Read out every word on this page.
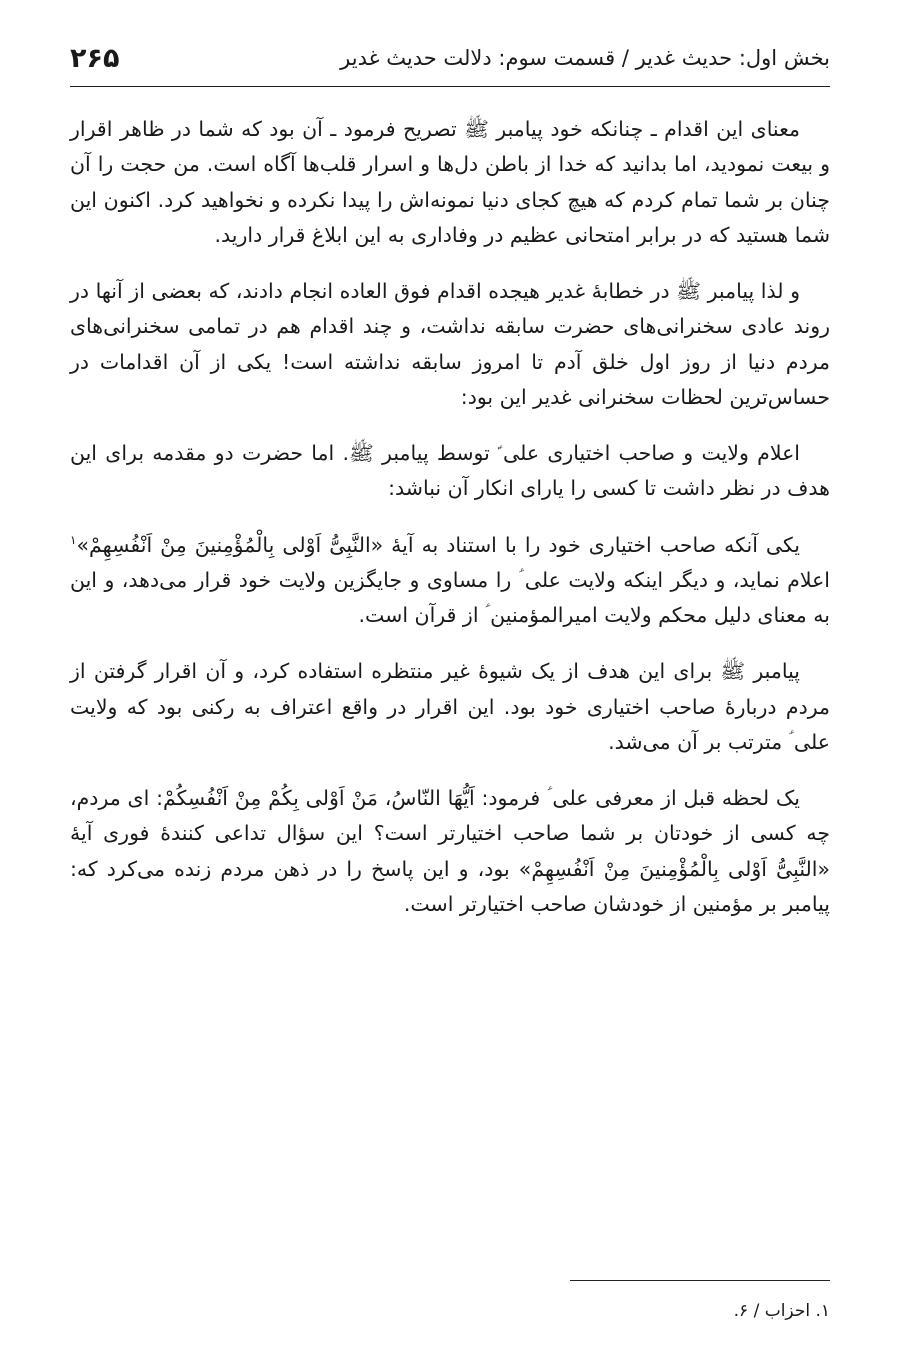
بخش اول: حدیث غدیر / قسمت سوم: دلالت حدیث غدیر
۲۶۵

معنای این اقدام ـ چنانکه خود پیامبر ﷺ تصریح فرمود ـ آن بود که شما در ظاهر اقرار و بیعت نمودید، اما بدانید که خدا از باطن دل‌ها و اسرار قلب‌ها آگاه است. من حجت را آن چنان بر شما تمام کردم که هیچ کجای دنیا نمونه‌اش را پیدا نکرده و نخواهید کرد. اکنون این شما هستید که در برابر امتحانی عظیم در وفاداری به این ابلاغ قرار دارید.

و لذا پیامبر ﷺ در خطابهٔ غدیر هیجده اقدام فوق العاده انجام دادند، که بعضی از آنها در روند عادی سخنرانی‌های حضرت سابقه نداشت، و چند اقدام هم در تمامی سخنرانی‌های مردم دنیا از روز اول خلق آدم تا امروز سابقه نداشته است! یکی از آن اقدامات در حساس‌ترین لحظات سخنرانی غدیر این بود:

اعلام ولایت و صاحب اختیاری علی ؑ توسط پیامبر ﷺ. اما حضرت دو مقدمه برای این هدف در نظر داشت تا کسی را یارای انکار آن نباشد:

یکی آنکه صاحب اختیاری خود را با استناد به آیهٔ «النَّبِیُّ اَوْلی بِالْمُؤْمِنینَ مِنْ اَنْفُسِهِمْ»$^۱$ اعلام نماید، و دیگر اینکه ولایت علی ؑ را مساوی و جایگزین ولایت خود قرار می‌دهد، و این به معنای دلیل محکم ولایت امیرالمؤمنین ؑ از قرآن است.

پیامبر ﷺ برای این هدف از یک شیوهٔ غیر منتظره استفاده کرد، و آن اقرار گرفتن از مردم دربارهٔ صاحب اختیاری خود بود. این اقرار در واقع اعتراف به رکنی بود که ولایت علی ؑ مترتب بر آن می‌شد.

یک لحظه قبل از معرفی علی ؑ فرمود: اَیُّهَا النّاسُ، مَنْ اَوْلی بِکُمْ مِنْ اَنْفُسِکُمْ: ای مردم، چه کسی از خودتان بر شما صاحب اختیارتر است؟ این سؤال تداعی کنندهٔ فوری آیهٔ «النَّبِیُّ اَوْلی بِالْمُؤْمِنینَ مِنْ اَنْفُسِهِمْ» بود، و این پاسخ را در ذهن مردم زنده می‌کرد که: پیامبر بر مؤمنین از خودشان صاحب اختیارتر است.

۱. احزاب / ۶.
